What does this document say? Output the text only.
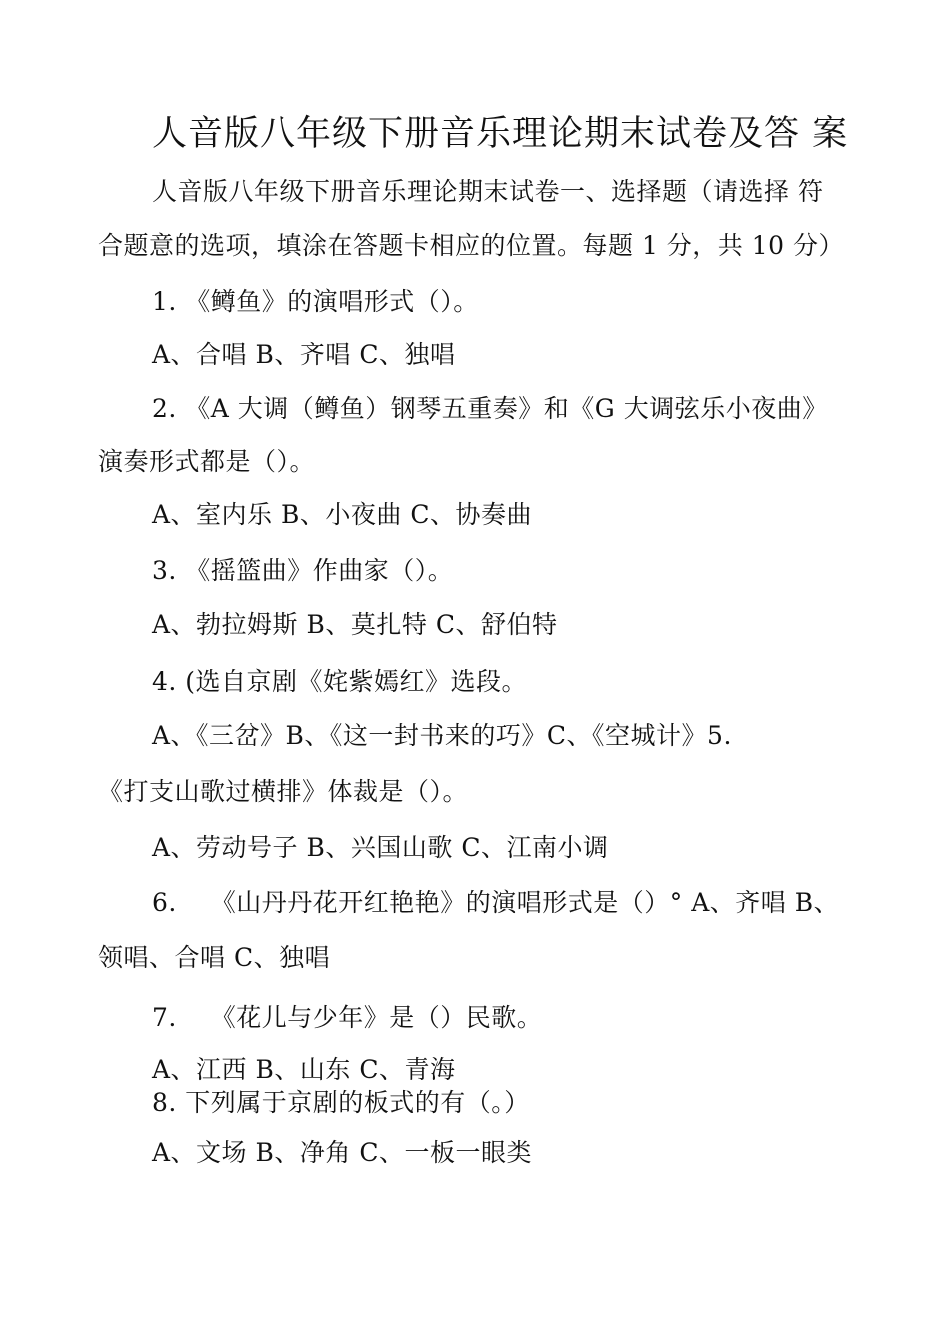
人音版八年级下册音乐理论期末试卷及答 案
人音版八年级下册音乐理论期末试卷一、选择题（请选择 符
合题意的选项，填涂在答题卡相应的位置。每题 1 分，共 10 分）
1. 《鳟鱼》的演唱形式（）。
A、合唱 B、齐唱 C、独唱
2. 《A 大调（鳟鱼）钢琴五重奏》和《G 大调弦乐小夜曲》
演奏形式都是（）。
A、室内乐 B、小夜曲 C、协奏曲
3. 《摇篮曲》作曲家（）。
A、勃拉姆斯 B、莫扎特 C、舒伯特
4. (选自京剧《姹紫嫣红》选段。
A、《三岔》B、《这一封书来的巧》C、《空城计》5.
《打支山歌过横排》体裁是（）。
A、劳动号子 B、兴国山歌 C、江南小调
6.　 《山丹丹花开红艳艳》的演唱形式是（）° A、齐唱 B、
领唱、合唱 C、独唱
7.　 《花儿与少年》是（）民歌。
A、江西 B、山东 C、青海
8. 下列属于京剧的板式的有（。）
A、文场 B、净角 C、一板一眼类
